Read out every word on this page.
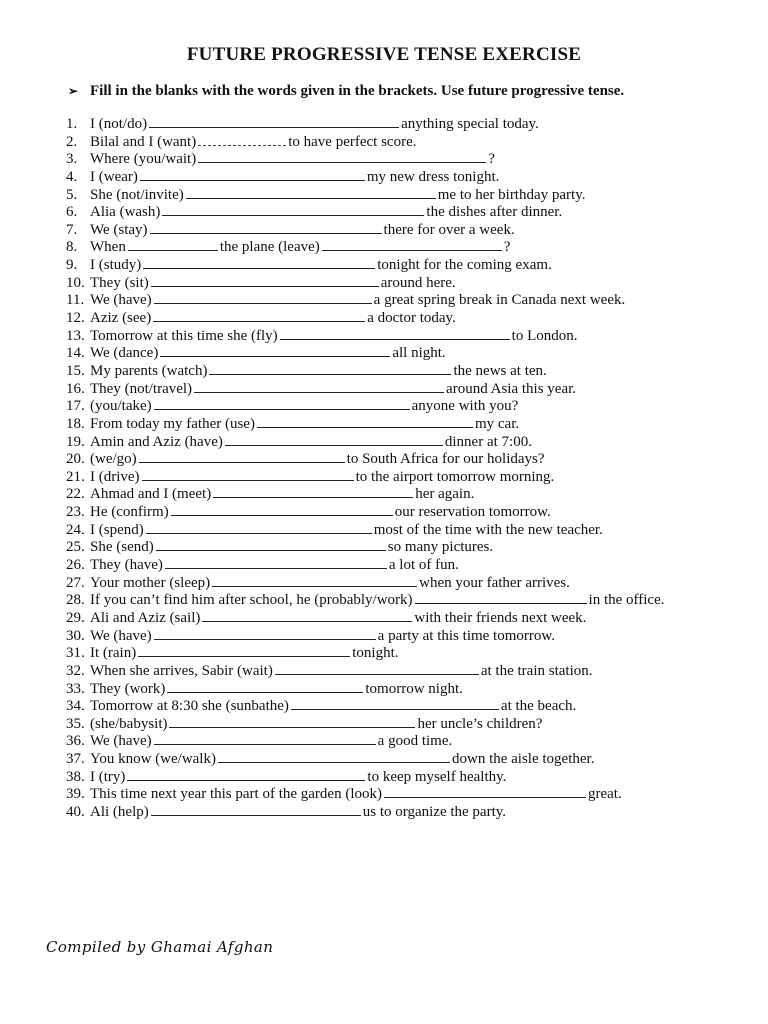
FUTURE PROGRESSIVE TENSE EXERCISE
➢ Fill in the blanks with the words given in the brackets. Use future progressive tense.
1. I (not/do)	anything special today.
2. Bilal and I (want)	to have perfect score.
3. Where (you/wait)	?
4. I (wear)	my new dress tonight.
5. She (not/invite)	me to her birthday party.
6. Alia (wash)	the dishes after dinner.
7. We (stay)	there for over a week.
8. When	the plane (leave)	?
9. I (study)	tonight for the coming exam.
10. They (sit)	around here.
11. We (have)	a great spring break in Canada next week.
12. Aziz (see)	a doctor today.
13. Tomorrow at this time she (fly)	to London.
14. We (dance)	all night.
15. My parents (watch)	the news at ten.
16. They (not/travel)	around Asia this year.
17. (you/take)	anyone with you?
18. From today my father (use)	my car.
19. Amin and Aziz (have)	dinner at 7:00.
20. (we/go)	to South Africa for our holidays?
21. I (drive)	to the airport tomorrow morning.
22. Ahmad and I (meet)	her again.
23. He (confirm)	our reservation tomorrow.
24. I (spend)	most of the time with the new teacher.
25. She (send)	so many pictures.
26. They (have)	a lot of fun.
27. Your mother (sleep)	when your father arrives.
28. If you can’t find him after school, he (probably/work)	in the office.
29. Ali and Aziz (sail)	with their friends next week.
30. We (have)	a party at this time tomorrow.
31. It (rain)	tonight.
32. When she arrives, Sabir (wait)	at the train station.
33. They (work)	tomorrow night.
34. Tomorrow at 8:30 she (sunbathe)	at the beach.
35. (she/babysit)	her uncle’s children?
36. We (have)	a good time.
37. You know (we/walk)	down the aisle together.
38. I (try)	to keep myself healthy.
39. This time next year this part of the garden (look)	great.
40. Ali (help)	us to organize the party.
Compiled by Ghamai Afghan
